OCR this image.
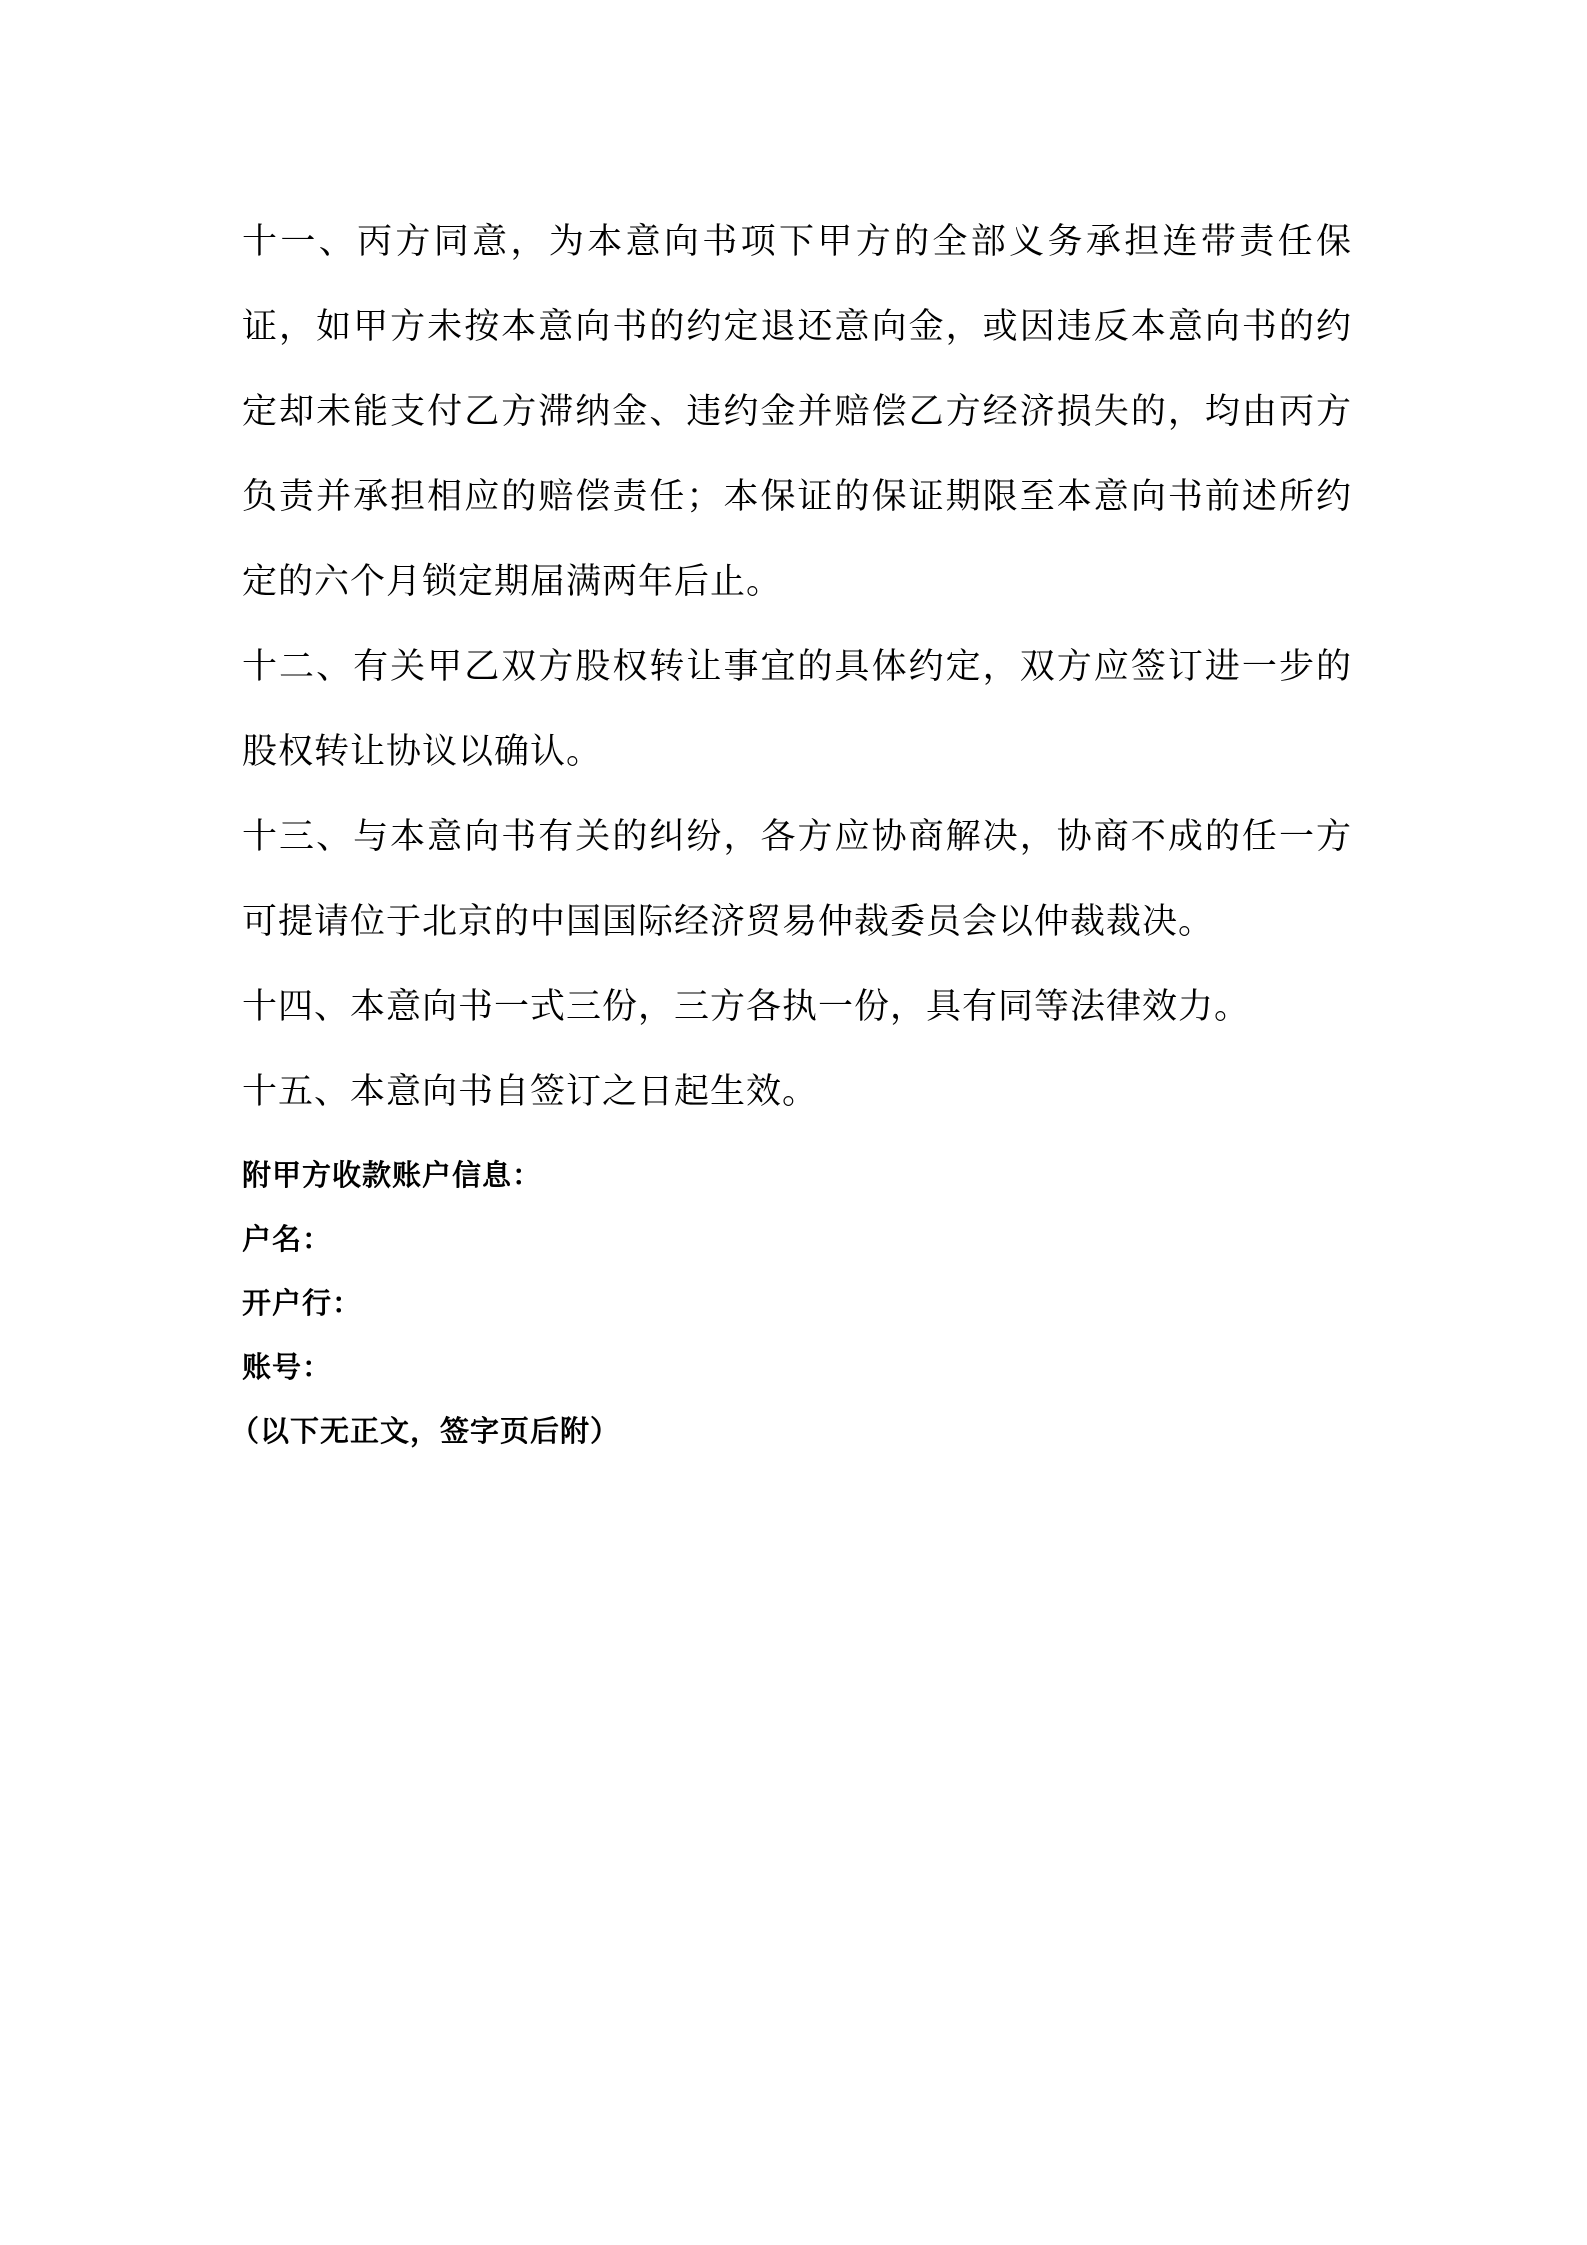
十一、丙方同意，为本意向书项下甲方的全部义务承担连带责任保证，如甲方未按本意向书的约定退还意向金，或因违反本意向书的约定却未能支付乙方滞纳金、违约金并赔偿乙方经济损失的，均由丙方负责并承担相应的赔偿责任；本保证的保证期限至本意向书前述所约定的六个月锁定期届满两年后止。

十二、有关甲乙双方股权转让事宜的具体约定，双方应签订进一步的股权转让协议以确认。

十三、与本意向书有关的纠纷，各方应协商解决，协商不成的任一方可提请位于北京的中国国际经济贸易仲裁委员会以仲裁裁决。

十四、本意向书一式三份，三方各执一份，具有同等法律效力。

十五、本意向书自签订之日起生效。

附甲方收款账户信息：

户名：

开户行：

账号：

（以下无正文，签字页后附）
